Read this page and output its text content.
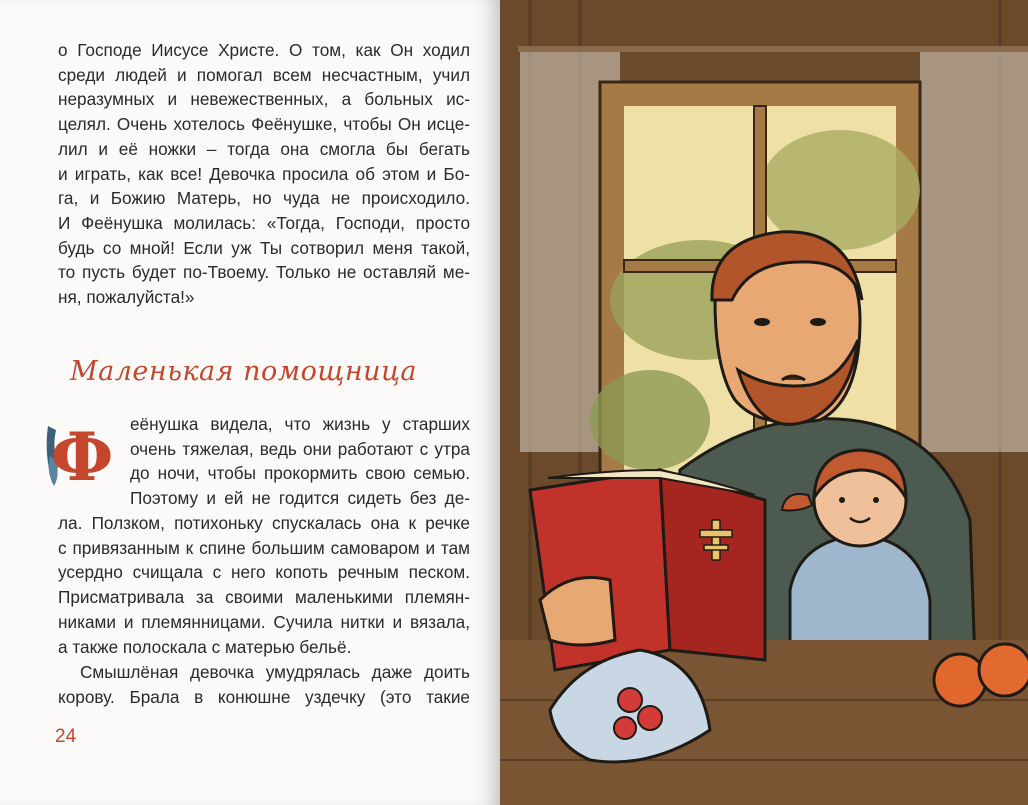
о Господе Иисусе Христе. О том, как Он ходил
среди людей и помогал всем несчастным, учил
неразумных и невежественных, а больных ис-
целял. Очень хотелось Феёнушке, чтобы Он исце-
лил и её ножки – тогда она смогла бы бегать
и играть, как все! Девочка просила об этом и Бо-
га, и Божию Матерь, но чуда не происходило.
И Феёнушка молилась: «Тогда, Господи, просто
будь со мной! Если уж Ты сотворил меня такой,
то пусть будет по-Твоему. Только не оставляй ме-
ня, пожалуйста!»

Маленькая помощница
Ф еёнушка видела, что жизнь у старших
очень тяжелая, ведь они работают с утра
до ночи, чтобы прокормить свою семью.
Поэтому и ей не годится сидеть без де-

ла. Ползком, потихоньку спускалась она к речке
с привязанным к спине большим самоваром и там
усердно счищала с него копоть речным песком.
Присматривала за своими маленькими племян-
никами и племянницами. Сучила нитки и вязала,
а также полоскала с матерью бельё.

Смышлёная девочка умудрялась даже доить
корову. Брала в конюшне уздечку (это такие

24
